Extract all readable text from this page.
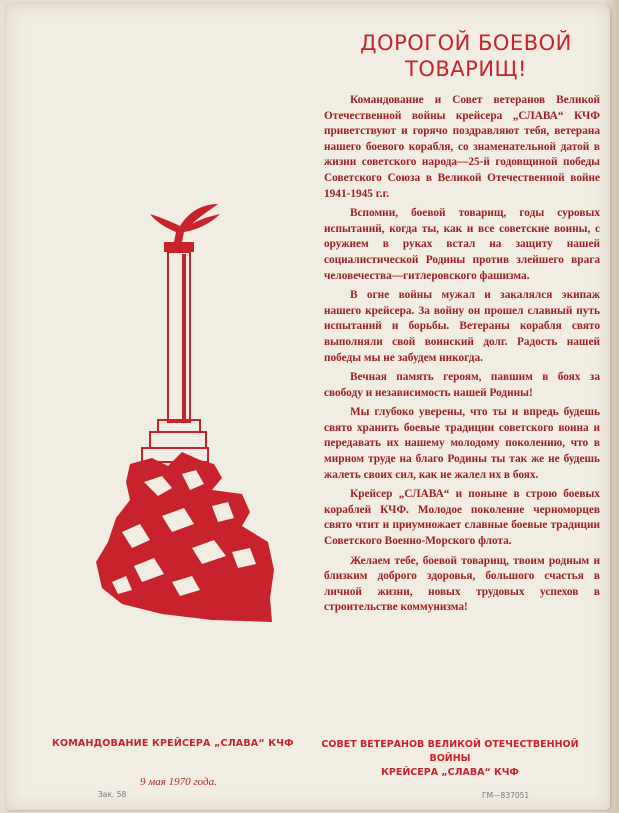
ДОРОГОЙ БОЕВОЙ
ТОВАРИЩ!

Командование и Совет ветеранов Великой Отечественной войны крейсера „СЛАВА“ КЧФ приветствуют и горячо поздравляют тебя, ветерана нашего боевого корабля, со знаменательной датой в жизни советского народа—25-й годовщиной победы Советского Союза в Великой Отечественной войне 1941-1945 г.г.

Вспомни, боевой товарищ, годы суровых испытаний, когда ты, как и все советские воины, с оружием в руках встал на защиту нашей социалистической Родины против злейшего врага человечества—гитлеровского фашизма.

В огне войны мужал и закалялся экипаж нашего крейсера. За войну он прошел славный путь испытаний и борьбы. Ветераны корабля свято выполняли свой воинский долг. Радость нашей победы мы не забудем никогда.

Вечная память героям, павшим в боях за свободу и независимость нашей Родины!

Мы глубоко уверены, что ты и впредь будешь свято хранить боевые традиции советского воина и передавать их нашему молодому поколению, что в мирном труде на благо Родины ты так же не будешь жалеть своих сил, как не жалел их в боях.

Крейсер „СЛАВА“ и поныне в строю боевых кораблей КЧФ. Молодое поколение черноморцев свято чтит и приумножает славные боевые традиции Советского Военно-Морского флота.

Желаем тебе, боевой товарищ, твоим родным и близким доброго здоровья, большого счастья в личной жизни, новых трудовых успехов в строительстве коммунизма!

КОМАНДОВАНИЕ КРЕЙСЕРА „СЛАВА“ КЧФ	СОВЕТ ВЕТЕРАНОВ ВЕЛИКОЙ ОТЕЧЕСТВЕННОЙ ВОЙНЫ
КРЕЙСЕРА „СЛАВА“ КЧФ
9 мая 1970 года.
Зак. 58	ГМ—837051
